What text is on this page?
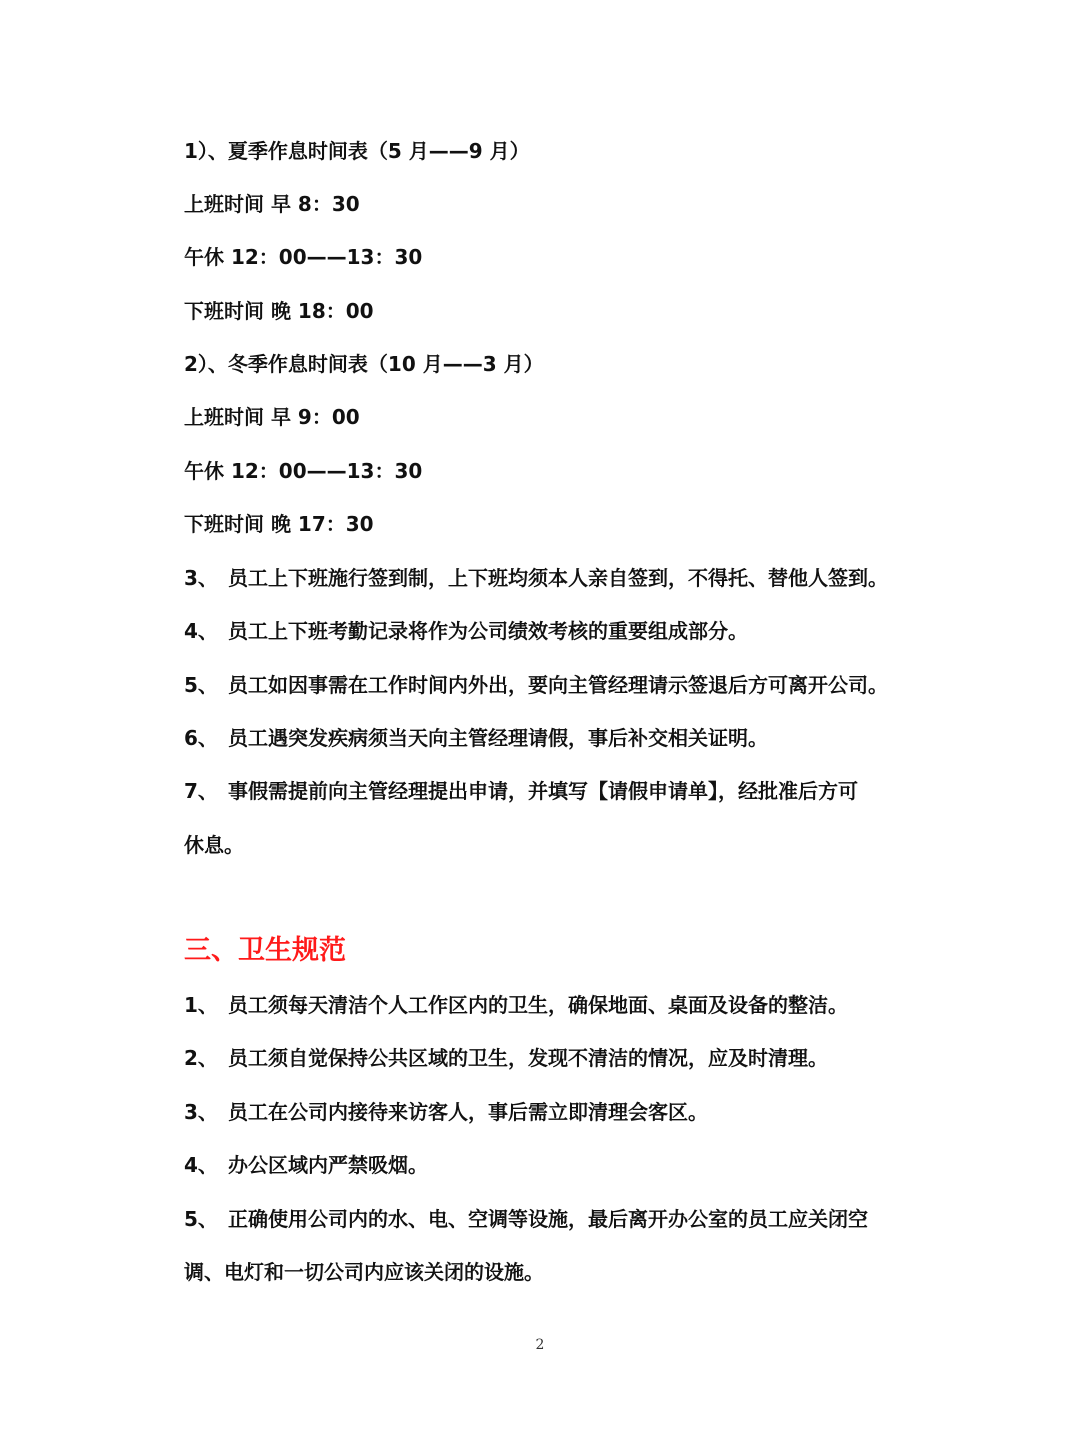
1）、夏季作息时间表（5 月——9 月）
上班时间 早 8：30
午休 12：00——13：30
下班时间 晚 18：00
2）、冬季作息时间表（10 月——3 月）
上班时间 早 9：00
午休 12：00——13：30
下班时间 晚 17：30
3、 员工上下班施行签到制，上下班均须本人亲自签到，不得托、替他人签到。
4、 员工上下班考勤记录将作为公司绩效考核的重要组成部分。
5、 员工如因事需在工作时间内外出，要向主管经理请示签退后方可离开公司。
6、 员工遇突发疾病须当天向主管经理请假，事后补交相关证明。
7、 事假需提前向主管经理提出申请，并填写【请假申请单】，经批准后方可
休息。
三、卫生规范
1、 员工须每天清洁个人工作区内的卫生，确保地面、桌面及设备的整洁。
2、 员工须自觉保持公共区域的卫生，发现不清洁的情况，应及时清理。
3、 员工在公司内接待来访客人，事后需立即清理会客区。
4、 办公区域内严禁吸烟。
5、 正确使用公司内的水、电、空调等设施，最后离开办公室的员工应关闭空
调、电灯和一切公司内应该关闭的设施。
2
